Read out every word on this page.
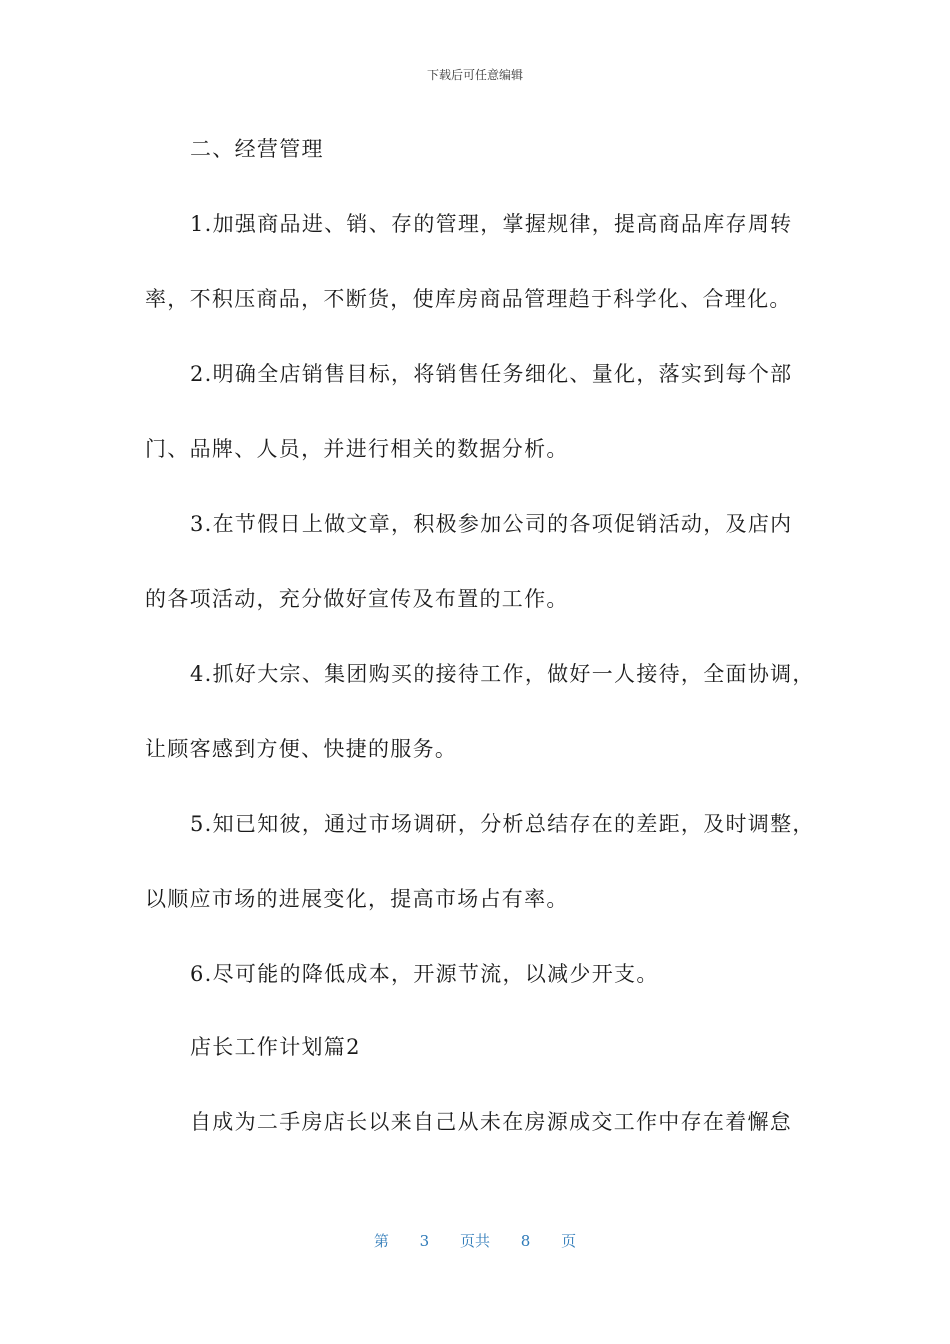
下载后可任意编辑
二、经营管理
1.加强商品进、销、存的管理，掌握规律，提高商品库存周转
率，不积压商品，不断货，使库房商品管理趋于科学化、合理化。
2.明确全店销售目标，将销售任务细化、量化，落实到每个部
门、品牌、人员，并进行相关的数据分析。
3.在节假日上做文章，积极参加公司的各项促销活动，及店内
的各项活动，充分做好宣传及布置的工作。
4.抓好大宗、集团购买的接待工作，做好一人接待，全面协调，
让顾客感到方便、快捷的服务。
5.知已知彼，通过市场调研，分析总结存在的差距，及时调整，
以顺应市场的进展变化，提高市场占有率。
6.尽可能的降低成本，开源节流，以减少开支。
店长工作计划篇2
自成为二手房店长以来自己从未在房源成交工作中存在着懈怠
第 3 页共 8 页
